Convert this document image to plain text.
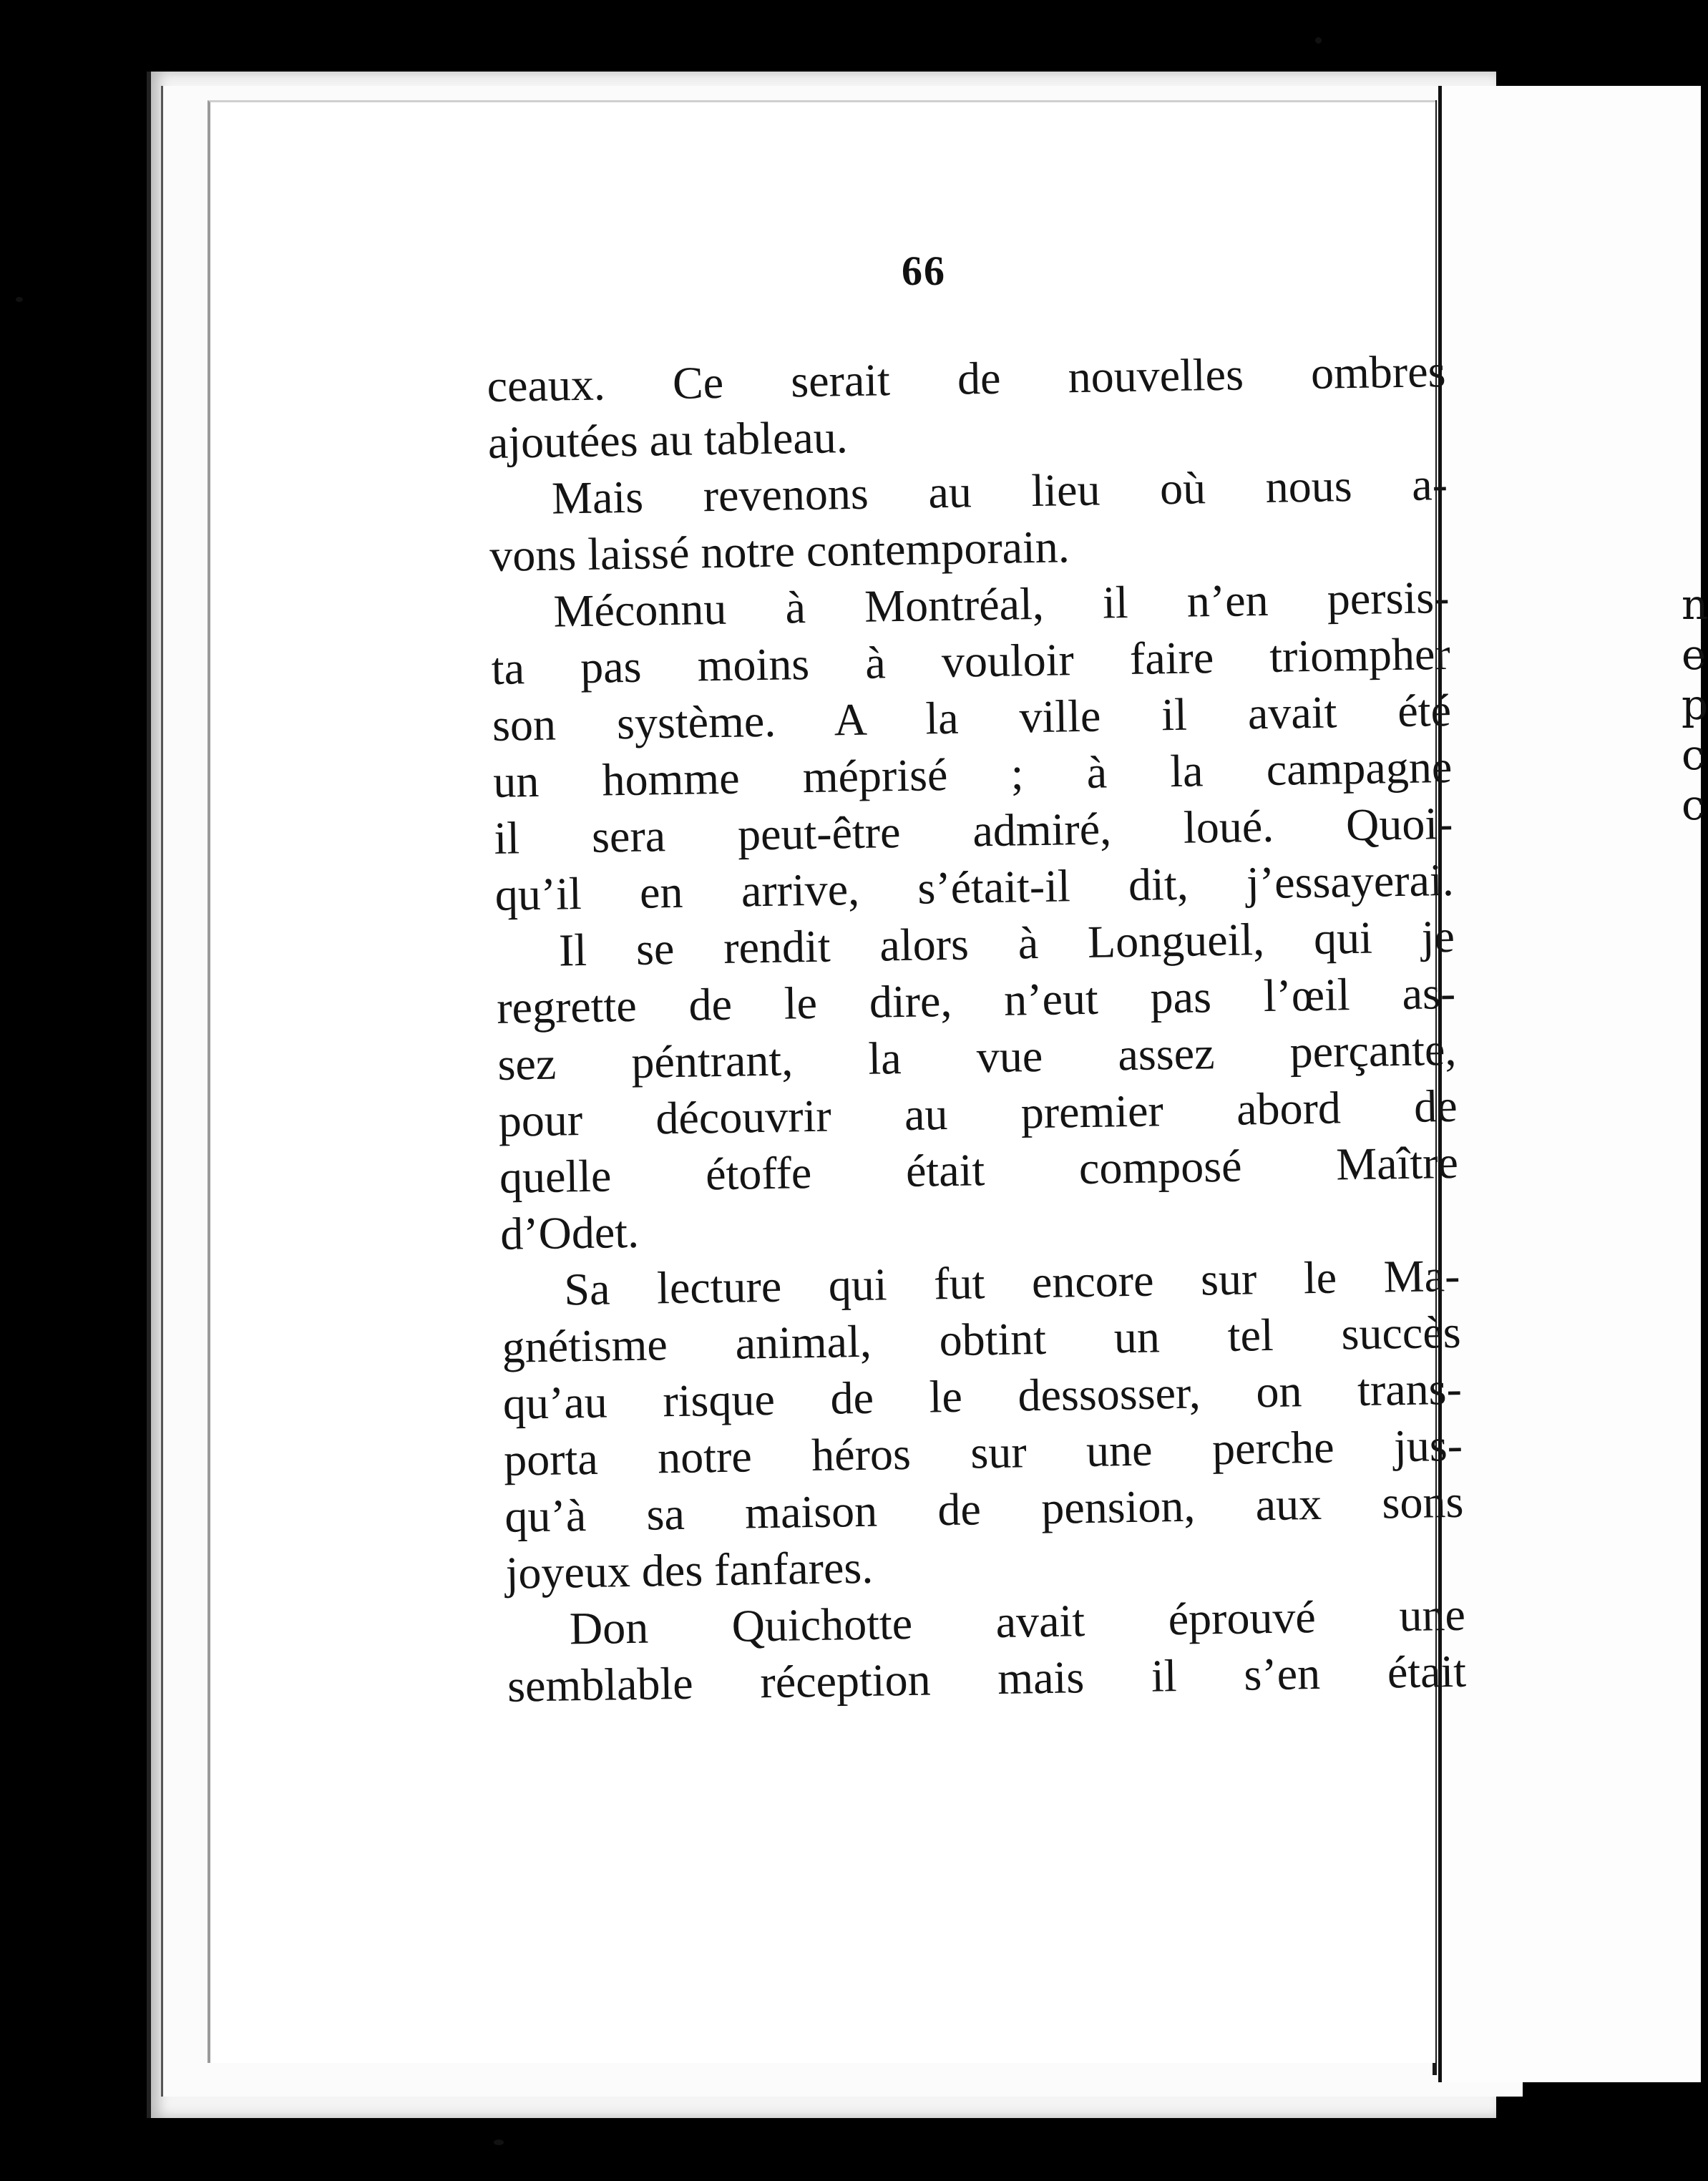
n
e
p
c
c
66
ceaux. Ce serait de nouvelles ombres
ajoutées au tableau.
Mais revenons au lieu où nous a-
vons laissé notre contemporain.
Méconnu à Montréal, il n’en persis-
ta pas moins à vouloir faire triompher
son système. A la ville il avait été
un homme méprisé ; à la campagne
il sera peut-être admiré, loué. Quoi-
qu’il en arrive, s’était-il dit, j’essayerai.
Il se rendit alors à Longueil, qui je
regrette de le dire, n’eut pas l’œil as-
sez péntrant, la vue assez perçante,
pour découvrir au premier abord de
quelle étoffe était composé Maître
d’Odet.
Sa lecture qui fut encore sur le Ma-
gnétisme animal, obtint un tel succès
qu’au risque de le dessosser, on trans-
porta notre héros sur une perche jus-
qu’à sa maison de pension, aux sons
joyeux des fanfares.
Don Quichotte avait éprouvé une
semblable réception mais il s’en était
